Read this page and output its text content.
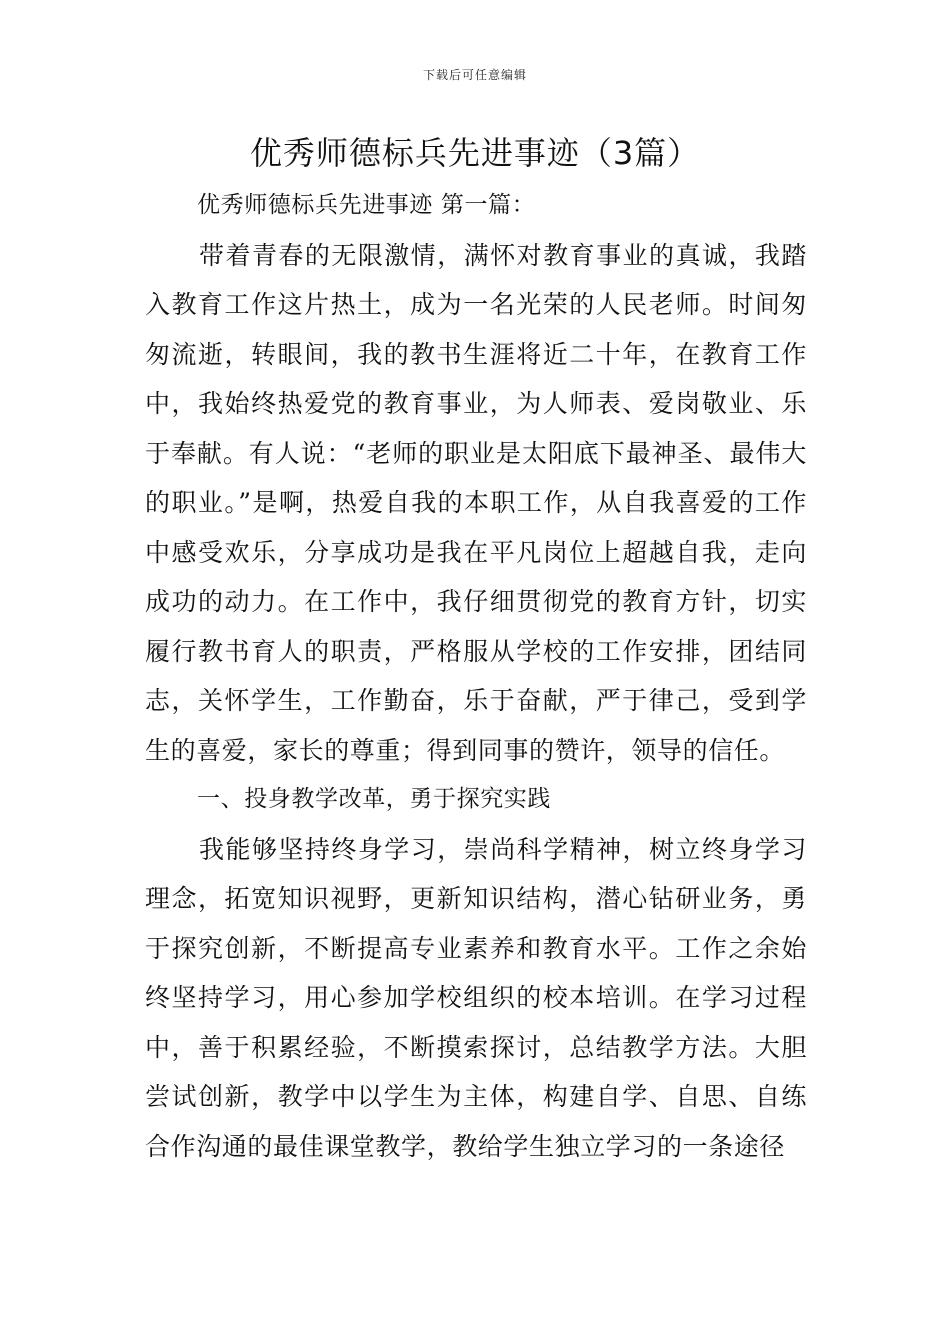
下载后可任意编辑
优秀师德标兵先进事迹（3篇）

优秀师德标兵先进事迹 第一篇：

带着青春的无限激情，满怀对教育事业的真诚，我踏入教育工作这片热土，成为一名光荣的人民老师。时间匆匆流逝，转眼间，我的教书生涯将近二十年，在教育工作中，我始终热爱党的教育事业，为人师表、爱岗敬业、乐于奉献。有人说：“老师的职业是太阳底下最神圣、最伟大的职业。”是啊，热爱自我的本职工作，从自我喜爱的工作中感受欢乐，分享成功是我在平凡岗位上超越自我，走向成功的动力。在工作中，我仔细贯彻党的教育方针，切实履行教书育人的职责，严格服从学校的工作安排，团结同志，关怀学生，工作勤奋，乐于奋献，严于律己，受到学生的喜爱，家长的尊重；得到同事的赞许，领导的信任。

一、投身教学改革，勇于探究实践

我能够坚持终身学习，崇尚科学精神，树立终身学习理念，拓宽知识视野，更新知识结构，潜心钻研业务，勇于探究创新，不断提高专业素养和教育水平。工作之余始终坚持学习，用心参加学校组织的校本培训。在学习过程中，善于积累经验，不断摸索探讨，总结教学方法。大胆尝试创新，教学中以学生为主体，构建自学、自思、自练合作沟通的最佳课堂教学，教给学生独立学习的一条途径
